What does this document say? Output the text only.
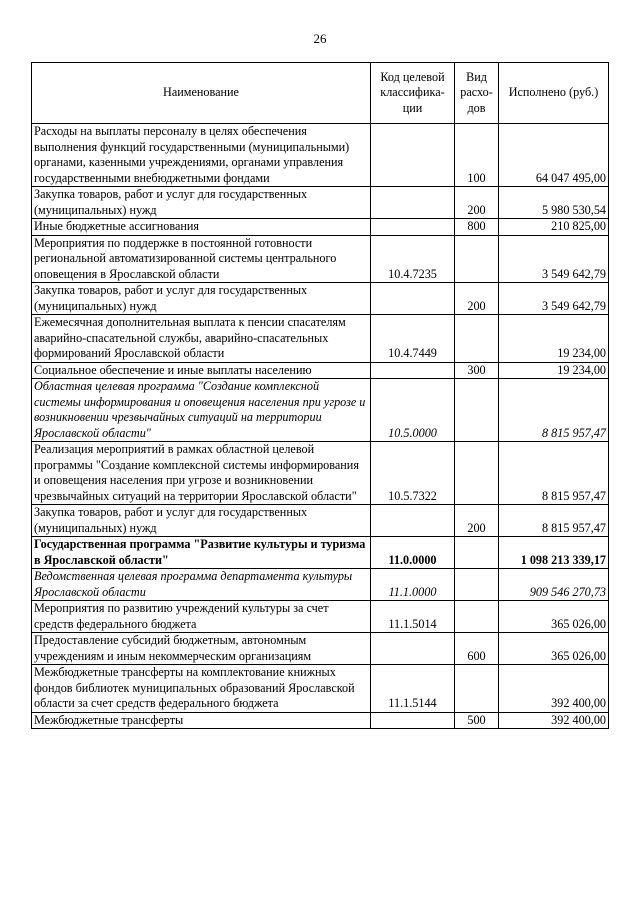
26
Наименование	Код целевой классифика-ции	Вид расхо-дов	Исполнено (руб.)
Расходы на выплаты персоналу в целях обеспечения выполнения функций государственными (муниципальными) органами, казенными учреждениями, органами управления государственными внебюджетными фондами		100	64 047 495,00
Закупка товаров, работ и услуг для государственных (муниципальных) нужд		200	5 980 530,54
Иные бюджетные ассигнования		800	210 825,00
Мероприятия по поддержке в постоянной готовности региональной автоматизированной системы центрального оповещения в Ярославской области	10.4.7235		3 549 642,79
Закупка товаров, работ и услуг для государственных (муниципальных) нужд		200	3 549 642,79
Ежемесячная дополнительная выплата к пенсии спасателям аварийно-спасательной службы, аварийно-спасательных формирований Ярославской области	10.4.7449		19 234,00
Социальное обеспечение и иные выплаты населению		300	19 234,00
Областная целевая программа "Создание комплексной системы информирования и оповещения населения при угрозе и возникновении чрезвычайных ситуаций на территории Ярославской области"	10.5.0000		8 815 957,47
Реализация мероприятий в рамках областной целевой программы "Создание комплексной системы информирования и оповещения населения при угрозе и возникновении чрезвычайных ситуаций на территории Ярославской области"	10.5.7322		8 815 957,47
Закупка товаров, работ и услуг для государственных (муниципальных) нужд		200	8 815 957,47
Государственная программа "Развитие культуры и туризма в Ярославской области"	11.0.0000		1 098 213 339,17
Ведомственная целевая программа департамента культуры Ярославской области	11.1.0000		909 546 270,73
Мероприятия по развитию учреждений культуры за счет средств федерального бюджета	11.1.5014		365 026,00
Предоставление субсидий бюджетным, автономным учреждениям и иным некоммерческим организациям		600	365 026,00
Межбюджетные трансферты на комплектование книжных фондов библиотек муниципальных образований Ярославской области за счет средств федерального бюджета	11.1.5144		392 400,00
Межбюджетные трансферты		500	392 400,00
